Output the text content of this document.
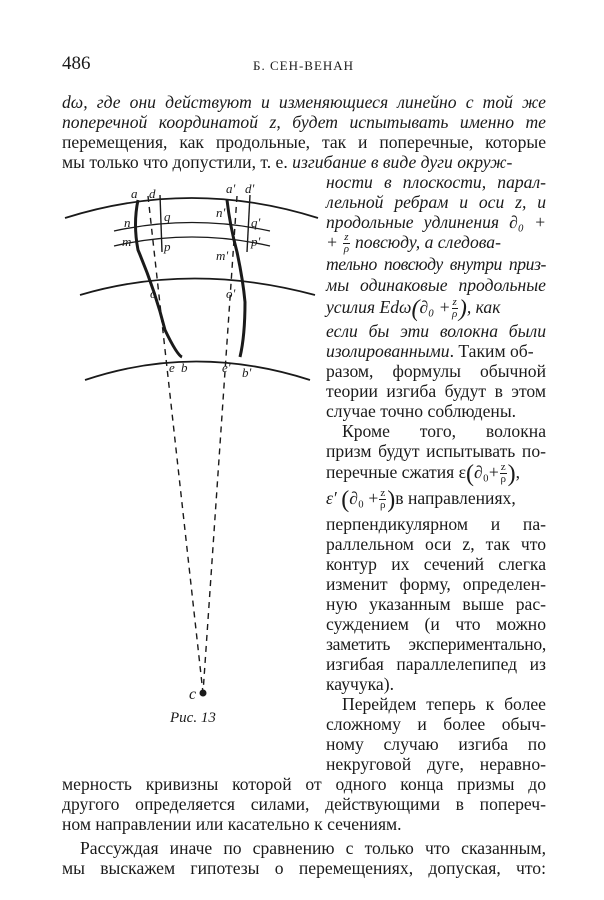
486	Б. СЕН-ВЕНАН
dω, где они действуют и изменяющиеся линейно с той же
поперечной координатой z, будет испытывать именно те
перемещения, как продольные, так и поперечные, которые
мы только что допустили, т. е. изгибание в виде дуги окруж-
ности в плоскости, парал-
лельной ребрам и оси z, и
продольные удлинения ∂₀ +
+ $\frac{z}{\rho}$ повсюду, а следова-
тельно повсюду внутри приз-
мы одинаковые продольные
усилия $Ed\omega(\partial_0 + \frac{z}{\rho}$ ), как
если бы эти волокна были
изолированными. Таким об-
разом, формулы обычной
теории изгиба будут в этом
случае точно соблюдены.
Кроме того, волокна
призм будут испытывать по-
перечные сжатия $\varepsilon(\partial_0+ \frac{z}{\rho}$ ),
ε′ $(\partial_0 + \frac{z}{\rho} )в$ направлениях,
перпендикулярном и па-
раллельном оси z, так что
контур их сечений слегка
изменит форму, определен-
ную указанным выше рас-
суждением (и что можно
заметить экспериментально,
изгибая параллелепипед из
каучука).
Перейдем теперь к более
сложному и более обыч-
ному случаю изгиба по
некруговой дуге, неравно-
мерность кривизны которой от одного конца призмы до
другого определяется силами, действующими в попереч-
ном направлении или касательно к сечениям.
Рассуждая иначе по сравнению с только что сказанным,
мы выскажем гипотезы о перемещениях, допуская, что:
a d	a' d'
n	q	n'
q'
m	p
m'
p'
o	o'
e b	e' b'
c
Рис. 13
